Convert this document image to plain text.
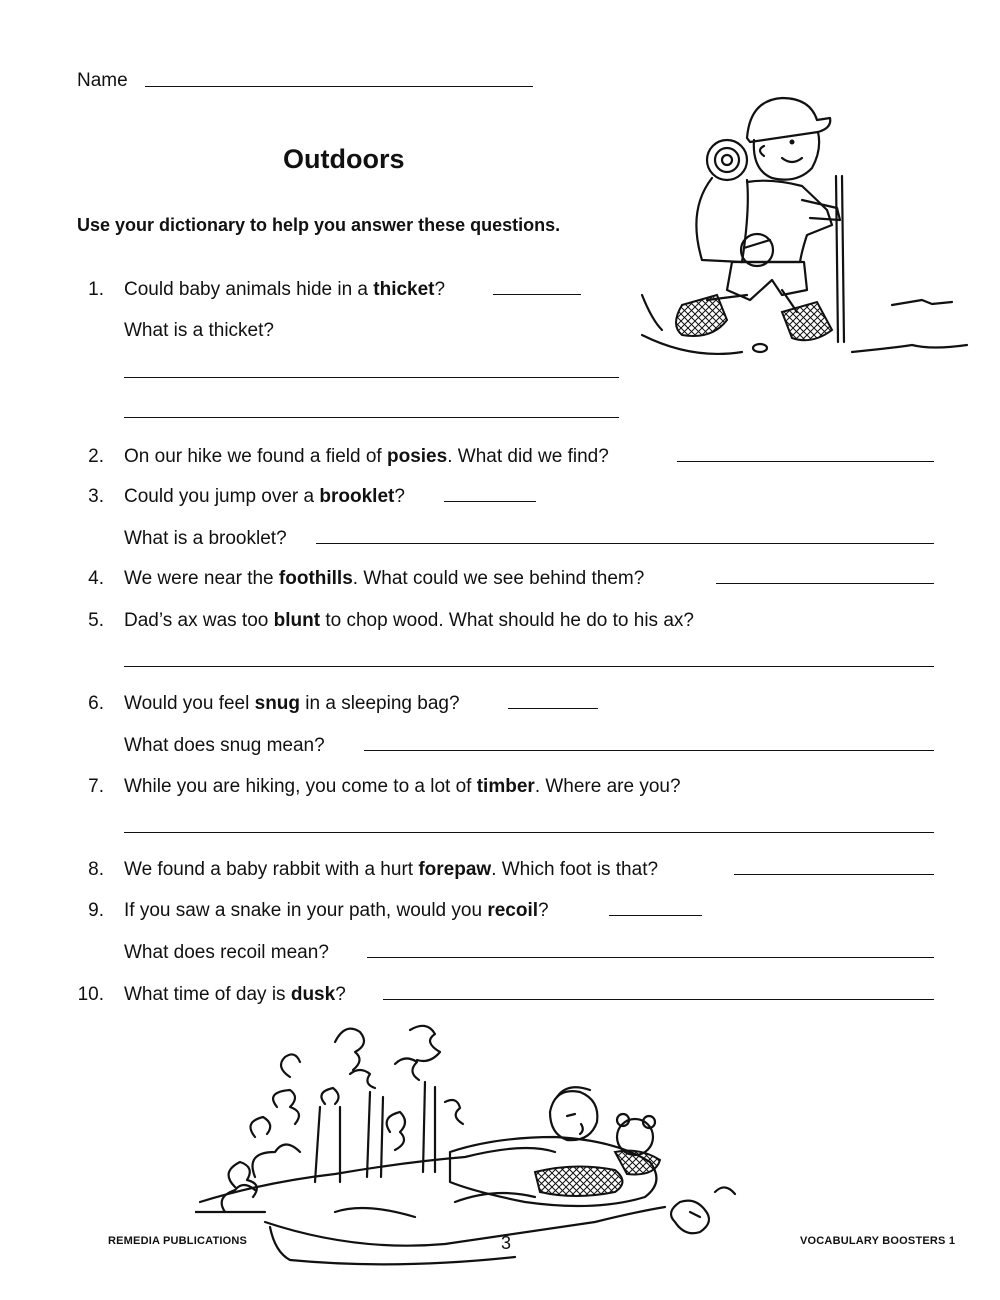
Name
Outdoors
Use your dictionary to help you answer these questions.
1. Could baby animals hide in a thicket?
What is a thicket?
2. On our hike we found a field of posies. What did we find?
3. Could you jump over a brooklet?
What is a brooklet?
4. We were near the foothills. What could we see behind them?
5. Dad’s ax was too blunt to chop wood. What should he do to his ax?
6. Would you feel snug in a sleeping bag?
What does snug mean?
7. While you are hiking, you come to a lot of timber. Where are you?
8. We found a baby rabbit with a hurt forepaw. Which foot is that?
9. If you saw a snake in your path, would you recoil?
What does recoil mean?
10. What time of day is dusk?
REMEDIA PUBLICATIONS	3	VOCABULARY BOOSTERS 1
